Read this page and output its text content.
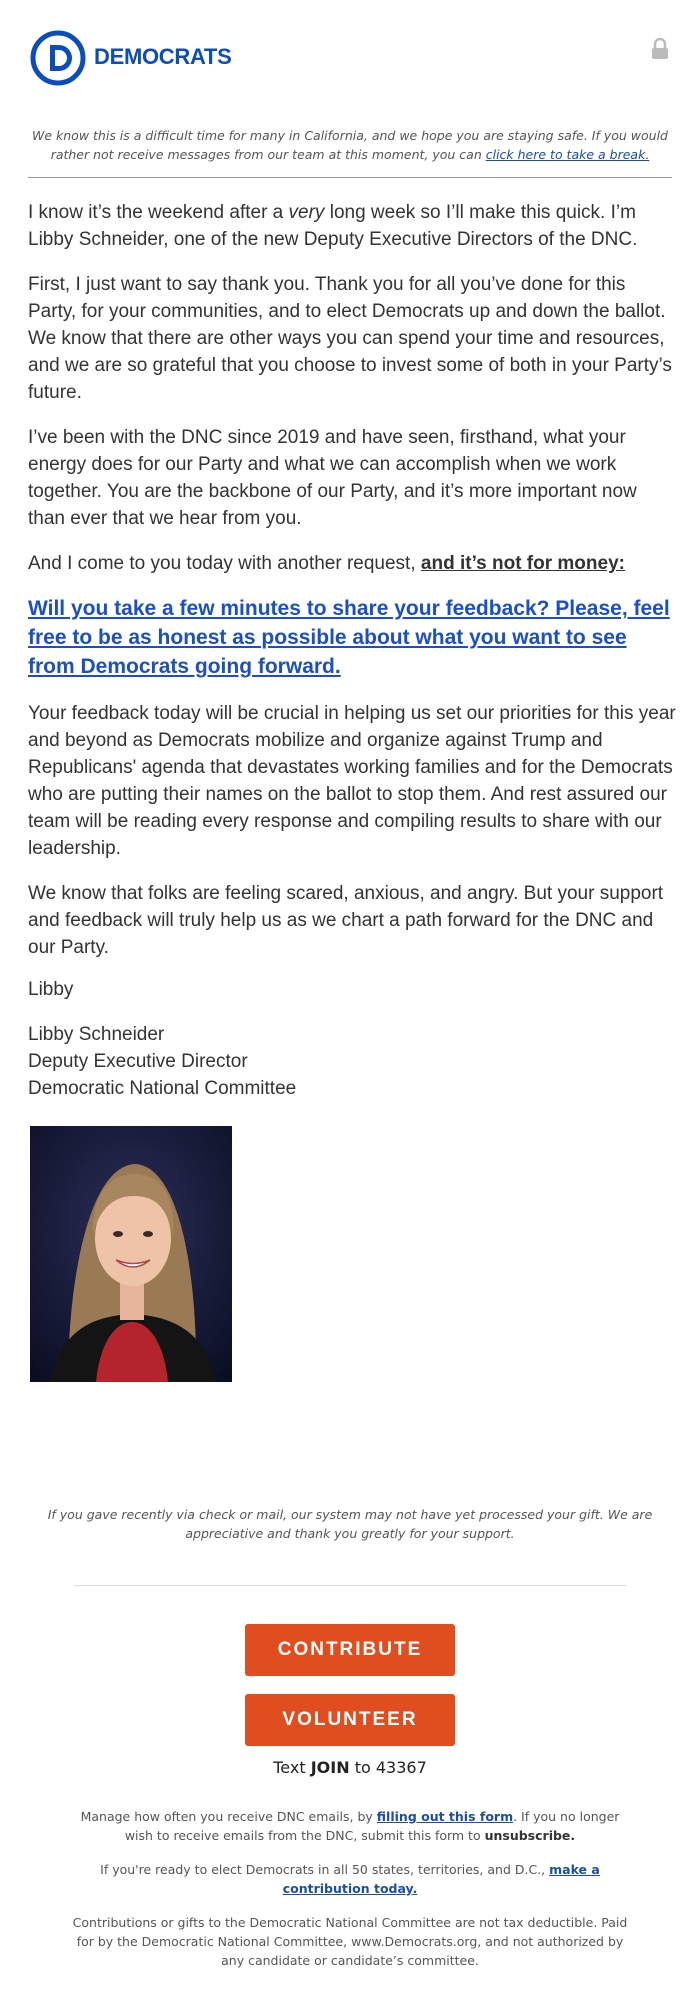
DEMOCRATS
We know this is a difficult time for many in California, and we hope you are staying safe. If you would rather not receive messages from our team at this moment, you can click here to take a break.

I know it’s the weekend after a very long week so I’ll make this quick. I’m Libby Schneider, one of the new Deputy Executive Directors of the DNC.

First, I just want to say thank you. Thank you for all you’ve done for this Party, for your communities, and to elect Democrats up and down the ballot. We know that there are other ways you can spend your time and resources, and we are so grateful that you choose to invest some of both in your Party’s future.

I’ve been with the DNC since 2019 and have seen, firsthand, what your energy does for our Party and what we can accomplish when we work together. You are the backbone of our Party, and it’s more important now than ever that we hear from you.

And I come to you today with another request, and it’s not for money:

Will you take a few minutes to share your feedback? Please, feel free to be as honest as possible about what you want to see from Democrats going forward.

Your feedback today will be crucial in helping us set our priorities for this year and beyond as Democrats mobilize and organize against Trump and Republicans' agenda that devastates working families and for the Democrats who are putting their names on the ballot to stop them. And rest assured our team will be reading every response and compiling results to share with our leadership.

We know that folks are feeling scared, anxious, and angry. But your support and feedback will truly help us as we chart a path forward for the DNC and our Party.

Libby

Libby Schneider

Deputy Executive Director

Democratic National Committee

If you gave recently via check or mail, our system may not have yet processed your gift. We are appreciative and thank you greatly for your support.
CONTRIBUTE
VOLUNTEER
Text JOIN to 43367
Manage how often you receive DNC emails, by filling out this form. If you no longer wish to receive emails from the DNC, submit this form to unsubscribe.
If you're ready to elect Democrats in all 50 states, territories, and D.C., make a contribution today.
Contributions or gifts to the Democratic National Committee are not tax deductible. Paid for by the Democratic National Committee, www.Democrats.org, and not authorized by any candidate or candidate’s committee.
